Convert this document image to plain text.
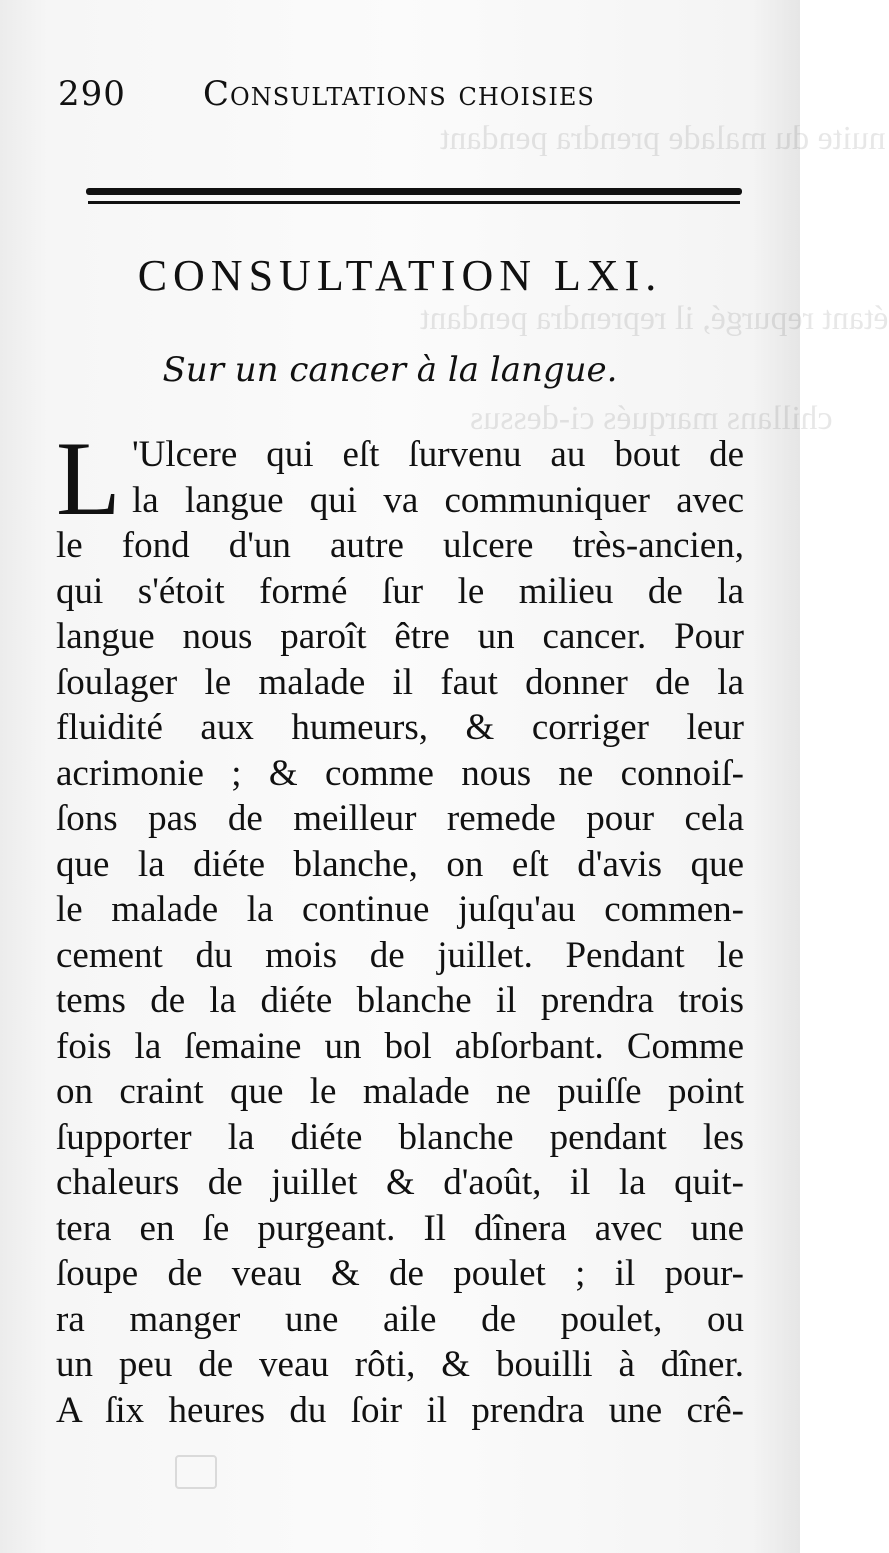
nuite du malade prendra pendant
étant repurgé, il reprendra pendant
chillans marqués ci-dessus
290 Consultations choisies
CONSULTATION LXI.
Sur un cancer à la langue.
L 'Ulcere qui eſt ſurvenu au bout de
la langue qui va communiquer avec
le fond d'un autre ulcere très-ancien,
qui s'étoit formé ſur le milieu de la
langue nous paroît être un cancer. Pour
ſoulager le malade il faut donner de la
fluidité aux humeurs, & corriger leur
acrimonie ; & comme nous ne connoiſ-
ſons pas de meilleur remede pour cela
que la diéte blanche, on eſt d'avis que
le malade la continue juſqu'au commen-
cement du mois de juillet. Pendant le
tems de la diéte blanche il prendra trois
fois la ſemaine un bol abſorbant. Comme
on craint que le malade ne puiſſe point
ſupporter la diéte blanche pendant les
chaleurs de juillet & d'août, il la quit-
tera en ſe purgeant. Il dînera avec une
ſoupe de veau & de poulet ; il pour-
ra manger une aile de poulet, ou
un peu de veau rôti, & bouilli à dîner.
A ſix heures du ſoir il prendra une crê-
